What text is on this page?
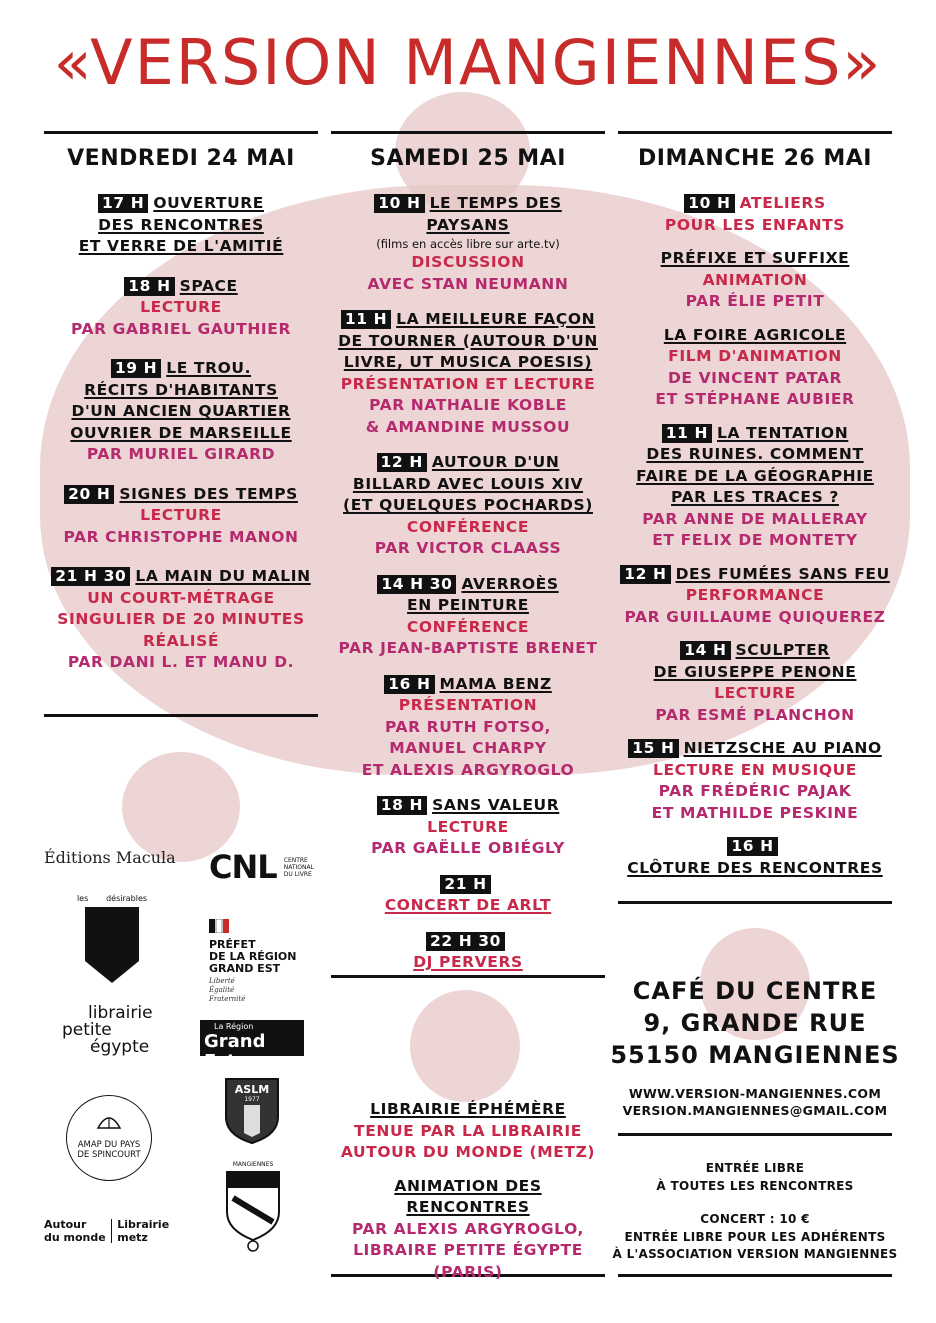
«VERSION MANGIENNES»
VENDREDI 24 MAI
17 H OUVERTURE
DES RENCONTRES
ET VERRE DE L'AMITIÉ
18 H SPACE
LECTURE
PAR GABRIEL GAUTHIER
19 H LE TROU.
RÉCITS D'HABITANTS
D'UN ANCIEN QUARTIER
OUVRIER DE MARSEILLE
PAR MURIEL GIRARD
20 H SIGNES DES TEMPS
LECTURE
PAR CHRISTOPHE MANON
21 H 30 LA MAIN DU MALIN
UN COURT-MÉTRAGE
SINGULIER DE 20 MINUTES
RÉALISÉ
PAR DANI L. ET MANU D.
SAMEDI 25 MAI
10 H LE TEMPS DES PAYSANS
(films en accès libre sur arte.tv)
DISCUSSION
AVEC STAN NEUMANN
11 H LA MEILLEURE FAÇON
DE TOURNER (AUTOUR D'UN
LIVRE, UT MUSICA POESIS)
PRÉSENTATION ET LECTURE
PAR NATHALIE KOBLE
& AMANDINE MUSSOU
12 H AUTOUR D'UN
BILLARD AVEC LOUIS XIV
(ET QUELQUES POCHARDS)
CONFÉRENCE
PAR VICTOR CLAASS
14 H 30 AVERROÈS
EN PEINTURE
CONFÉRENCE
PAR JEAN-BAPTISTE BRENET
16 H MAMA BENZ
PRÉSENTATION
PAR RUTH FOTSO,
MANUEL CHARPY
ET ALEXIS ARGYROGLO
18 H SANS VALEUR
LECTURE
PAR GAËLLE OBIÉGLY
21 H
CONCERT DE ARLT
22 H 30
DJ PERVERS
LIBRAIRIE ÉPHÉMÈRE
TENUE PAR LA LIBRAIRIE
AUTOUR DU MONDE (METZ)
ANIMATION DES RENCONTRES
PAR ALEXIS ARGYROGLO,
LIBRAIRE PETITE ÉGYPTE
(PARIS)
DIMANCHE 26 MAI
10 H ATELIERS
POUR LES ENFANTS
PRÉFIXE ET SUFFIXE
ANIMATION
PAR ÉLIE PETIT
LA FOIRE AGRICOLE
FILM D'ANIMATION
DE VINCENT PATAR
ET STÉPHANE AUBIER
11 H LA TENTATION
DES RUINES. COMMENT
FAIRE DE LA GÉOGRAPHIE
PAR LES TRACES ?
PAR ANNE DE MALLERAY
ET FELIX DE MONTETY
12 H DES FUMÉES SANS FEU
PERFORMANCE
PAR GUILLAUME QUIQUEREZ
14 H SCULPTER
DE GIUSEPPE PENONE
LECTURE
PAR ESMÉ PLANCHON
15 H NIETZSCHE AU PIANO
LECTURE EN MUSIQUE
PAR FRÉDÉRIC PAJAK
ET MATHILDE PESKINE
16 H
CLÔTURE DES RENCONTRES
CAFÉ DU CENTRE
9, GRANDE RUE
55150 MANGIENNES
WWW.VERSION-MANGIENNES.COM
VERSION.MANGIENNES@GMAIL.COM
ENTRÉE LIBRE
À TOUTES LES RENCONTRES
CONCERT : 10 €
ENTRÉE LIBRE POUR LES ADHÉRENTS
À L'ASSOCIATION VERSION MANGIENNES
Éditions Macula CNL CENTRE
NATIONAL
DU LIVRE
les désirables
PRÉFET
DE LA RÉGION
GRAND EST
Liberté
Égalité
Fraternité
librairie
petite
égypte
La Région
Grand Est
AMAP DU PAYS
DE SPINCOURT
ASLM
1977
MANGIENNES
Autour
du monde
Librairie
metz
